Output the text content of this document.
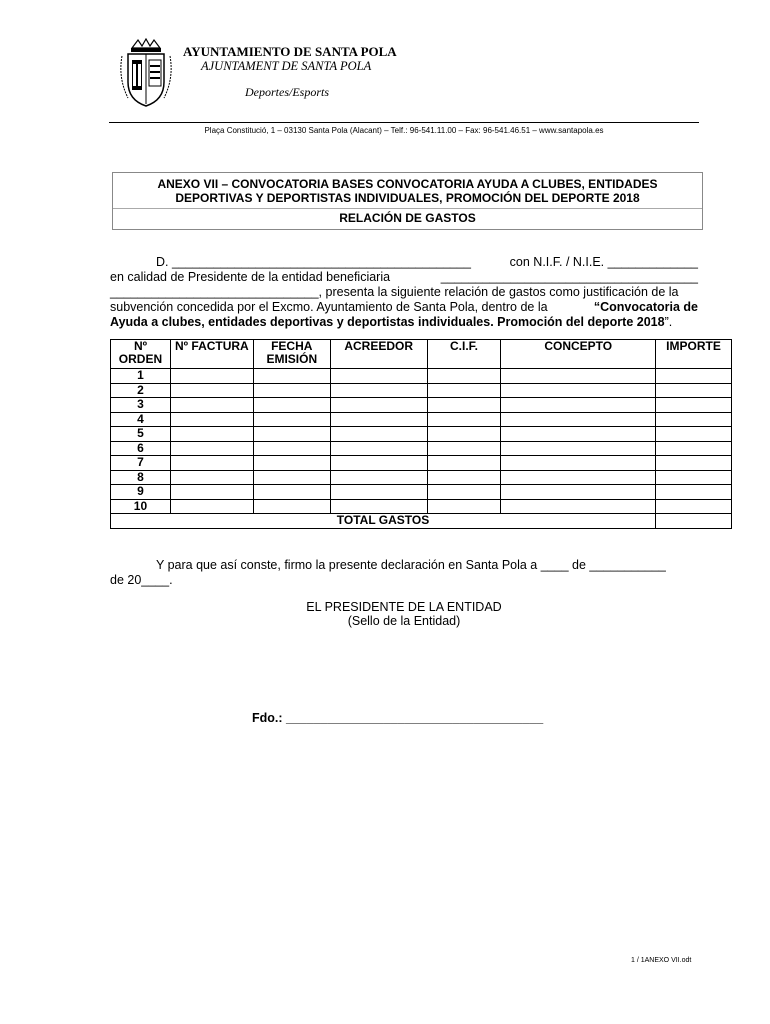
AYUNTAMIENTO DE SANTA POLA
AJUNTAMENT DE SANTA POLA
Deportes/Esports
Plaça Constitució, 1 – 03130 Santa Pola (Alacant) – Telf.: 96-541.11.00 – Fax: 96-541.46.51 – www.santapola.es
ANEXO VII – CONVOCATORIA BASES CONVOCATORIA AYUDA A CLUBES, ENTIDADES
DEPORTIVAS Y DEPORTISTAS INDIVIDUALES, PROMOCIÓN DEL DEPORTE 2018
RELACIÓN DE GASTOS
D. ___________________________________________	con N.I.F. / N.I.E. _____________
en calidad de Presidente de la entidad beneficiaria	_____________________________________
______________________________, presenta la siguiente relación de gastos como justificación de la
subvención concedida por el Excmo. Ayuntamiento de Santa Pola, dentro de la	“Convocatoria de
Ayuda a clubes, entidades deportivas y deportistas individuales. Promoción del deporte 2018”.
Nº ORDEN	Nº FACTURA	FECHA EMISIÓN	ACREEDOR	C.I.F.	CONCEPTO	IMPORTE
1						
2						
3						
4						
5						
6						
7						
8						
9						
10						
TOTAL GASTOS						
Y para que así conste, firmo la presente declaración en Santa Pola a ____ de ___________
de 20____.
EL PRESIDENTE DE LA ENTIDAD
(Sello de la Entidad)
Fdo.: _____________________________________
1 / 1ANEXO VII.odt
